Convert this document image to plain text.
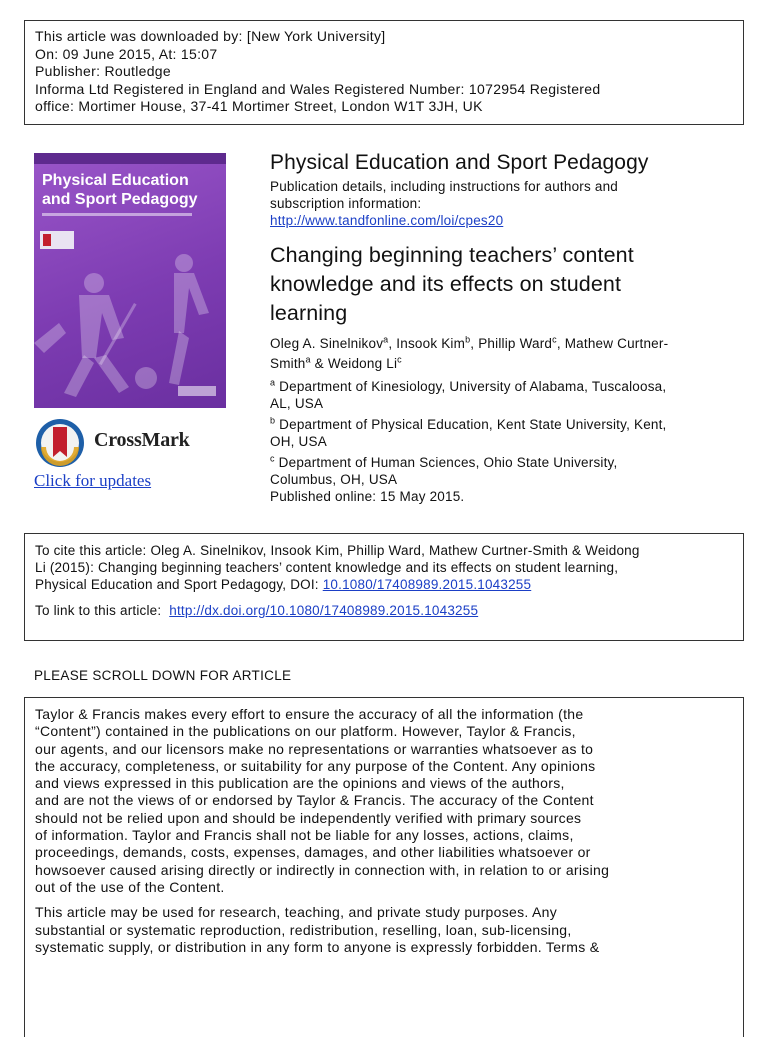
This article was downloaded by: [New York University]
On: 09 June 2015, At: 15:07
Publisher: Routledge
Informa Ltd Registered in England and Wales Registered Number: 1072954 Registered
office: Mortimer House, 37-41 Mortimer Street, London W1T 3JH, UK
Physical Education
and Sport Pedagogy
CrossMark
Click for updates
Physical Education and Sport Pedagogy
Publication details, including instructions for authors and
subscription information:
http://www.tandfonline.com/loi/cpes20
Changing beginning teachers’ content
knowledge and its effects on student
learning
Oleg A. Sinelnikov$^a$, Insook Kim$^b$, Phillip Ward$^c$, Mathew Curtner-
Smith$^a$ & Weidong Li$^c$
$^a$ Department of Kinesiology, University of Alabama, Tuscaloosa,
AL, USA
$^b$ Department of Physical Education, Kent State University, Kent,
OH, USA
$^c$ Department of Human Sciences, Ohio State University,
Columbus, OH, USA
Published online: 15 May 2015.
To cite this article: Oleg A. Sinelnikov, Insook Kim, Phillip Ward, Mathew Curtner-Smith & Weidong
Li (2015): Changing beginning teachers’ content knowledge and its effects on student learning,
Physical Education and Sport Pedagogy, DOI: 10.1080/17408989.2015.1043255
To link to this article:  http://dx.doi.org/10.1080/17408989.2015.1043255
PLEASE SCROLL DOWN FOR ARTICLE

Taylor & Francis makes every effort to ensure the accuracy of all the information (the
“Content”) contained in the publications on our platform. However, Taylor & Francis,
our agents, and our licensors make no representations or warranties whatsoever as to
the accuracy, completeness, or suitability for any purpose of the Content. Any opinions
and views expressed in this publication are the opinions and views of the authors,
and are not the views of or endorsed by Taylor & Francis. The accuracy of the Content
should not be relied upon and should be independently verified with primary sources
of information. Taylor and Francis shall not be liable for any losses, actions, claims,
proceedings, demands, costs, expenses, damages, and other liabilities whatsoever or
howsoever caused arising directly or indirectly in connection with, in relation to or arising
out of the use of the Content.

This article may be used for research, teaching, and private study purposes. Any
substantial or systematic reproduction, redistribution, reselling, loan, sub-licensing,
systematic supply, or distribution in any form to anyone is expressly forbidden. Terms &
